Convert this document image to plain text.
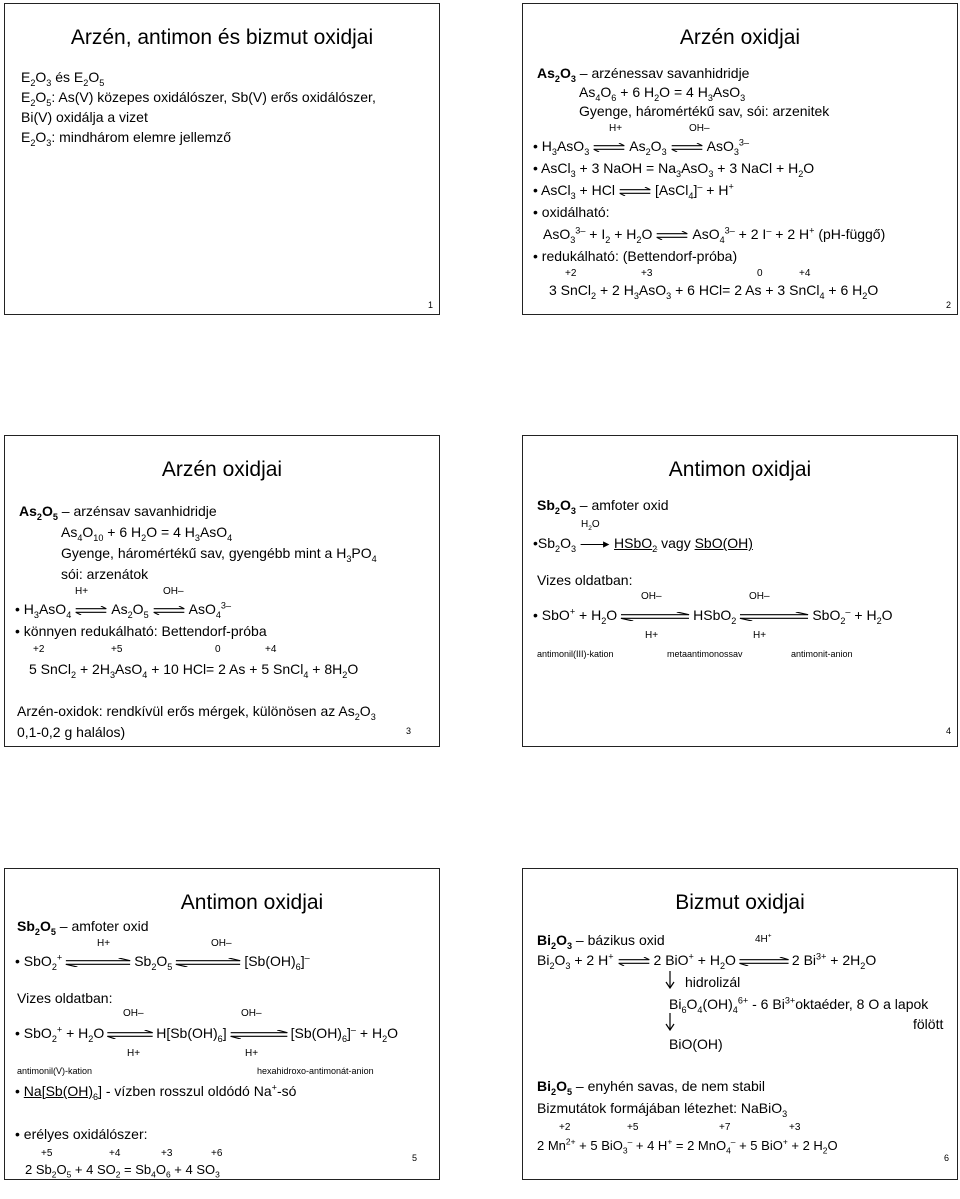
Arzén, antimon és bizmut oxidjai
$E_2O_3$ és $E_2O_5$
$E_2O_5$: As(V) közepes oxidálószer, Sb(V) erős oxidálószer,
Bi(V) oxidálja a vizet
$E_2O_3$: mindhárom elemre jellemző
1
Arzén oxidjai
$As_2O_3$ – arzénessav savanhidridje
$As_4O_6 + 6$ $H_2O = 4$ $H_3AsO_3$
Gyenge, háromértékű sav, sói: arzenitek
H+	OH–
• $H_3AsO_3$	$As_2O_3$	AsO$_3^{3-}$
• AsCl$_3$ + 3 NaOH = $Na_3AsO_3 + 3$ NaCl + $H_2O$
• AsCl$_3$ + HCl	[AsCl$_4$]– + H+
• oxidálható:
$AsO_3^{3-} + I_2 + H_2O$	AsO$_4^{3-}$ + 2 I– + 2 H+ (pH-függő)
• redukálható: (Bettendorf-próba)
+2	+3	0	+4
3 SnCl$_2$ + 2 $H_3AsO_3 + 6$ HCl= 2 As + 3 SnCl$_4$ + 6 $H_2O$
2
Arzén oxidjai
$As_2O_5$ – arzénsav savanhidridje
$As_4O_{10} + 6$ $H_2O = 4$ $H_3AsO_4$
Gyenge, háromértékű sav, gyengébb mint a $H_3PO_4$
sói: arzenátok
H+	OH–
• $H_3AsO_4$	$As_2O_5$	AsO$_4^{3-}$
• könnyen redukálható: Bettendorf-próba
+2	+5	0	+4
5 SnCl$_2$ + $2H_3AsO_4 + 10$ HCl= 2 As + 5 SnCl$_4$ + $8H_2O$
Arzén-oxidok: rendkívül erős mérgek, különösen az $As_2O_3$
0,1-0,2 g halálos)	3
Antimon oxidjai
$Sb_2O_3$ – amfoter oxid
$H_2O$
$•Sb_2O_3$	HSbO$_2$ vagy SbO(OH)
Vizes oldatban:
OH–	OH–
• $SbO^+ + H_2O$	HSbO$_2$	$SbO_2^- + H_2O$
H+	H+
antimonil(III)-kation	metaantimonossav	antimonit-anion
4
Antimon oxidjai
$Sb_2O_5$ – amfoter oxid
H+	OH–
• SbO$_2$+	$Sb_2O_5$	$[Sb(OH)_6]^-$
Vizes oldatban:
OH–	OH–
• $SbO_2^+ + H_2O$	$H[Sb(OH)_6]$	$[Sb(OH)_6]^- + H_2O$
H+	H+
antimonil(V)-kation	hexahidroxo-antimonát-anion
• $Na[Sb(OH)_6]$ - vízben rosszul oldódó Na+-só
• erélyes oxidálószer:
+5	+4	+3	+6
2 $Sb_2O_5 + 4$ $SO_2 = Sb_4O_6 + 4$ $SO_3$
5
Bizmut oxidjai
$Bi_2O_3$ – bázikus oxid	4H+
$Bi_2O_3 + 2$ H+	2 $BiO^+ + H_2O$	2 $Bi^{3+} + 2H_2O$
hidrolizál
$Bi_6O_4(OH)_4^{6+} - 6$ $Bi^{3+}oktaéder$, 8 O a lapok
fölött
BiO(OH)
$Bi_2O_5$ – enyhén savas, de nem stabil
Bizmutátok formájában létezhet: NaBiO$_3$
+2	+5	+7	+3
2 $Mn^{2+} + 5$ BiO$_3$– + 4 H+ = 2 MnO$_4$– + 5 BiO+ + 2 $H_2O$
6
